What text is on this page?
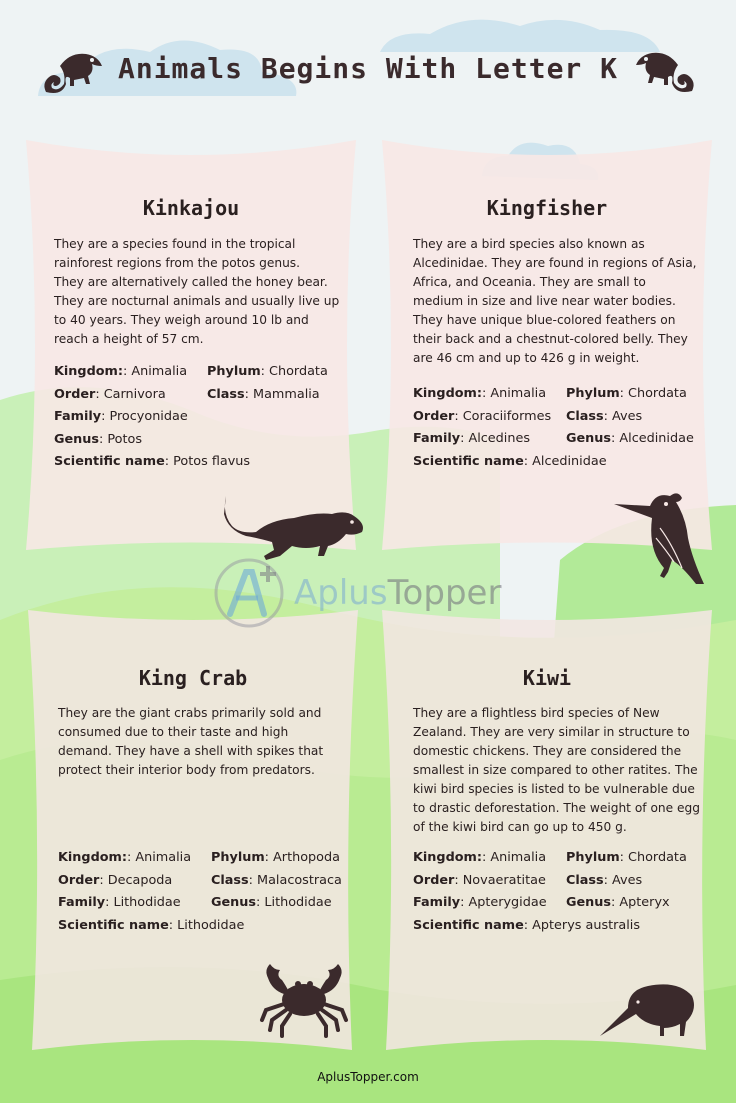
Animals Begins With Letter K
Kinkajou

They are a species found in the tropical rainforest regions from the potos genus.

They are alternatively called the honey bear. They are nocturnal animals and usually live up to 40 years. They weigh around 10 lb and reach a height of 57 cm.

Kingdom:: Animalia	Phylum: Chordata
Order: Carnivora	Class: Mammalia
Family: Procyonidae
Genus: Potos
Scientific name: Potos flavus
Kingfisher

They are a bird species also known as Alcedinidae. They are found in regions of Asia, Africa, and Oceania. They are small to medium in size and live near water bodies. They have unique blue-colored feathers on their back and a chestnut-colored belly. They are 46 cm and up to 426 g in weight.

Kingdom:: Animalia	Phylum: Chordata
Order: Coraciiformes	Class: Aves
Family: Alcedines	Genus: Alcedinidae
Scientific name: Alcedinidae
King Crab

They are the giant crabs primarily sold and consumed due to their taste and high demand. They have a shell with spikes that protect their interior body from predators.

Kingdom:: Animalia	Phylum: Arthopoda
Order: Decapoda	Class: Malacostraca
Family: Lithodidae	Genus: Lithodidae
Scientific name: Lithodidae
Kiwi

They are a flightless bird species of New Zealand. They are very similar in structure to domestic chickens. They are considered the smallest in size compared to other ratites. The kiwi bird species is listed to be vulnerable due to drastic deforestation. The weight of one egg of the kiwi bird can go up to 450 g.

Kingdom:: Animalia	Phylum: Chordata
Order: Novaeratitae	Class: Aves
Family: Apterygidae	Genus: Apteryx
Scientific name: Apterys australis
AplusTopper
AplusTopper.com
